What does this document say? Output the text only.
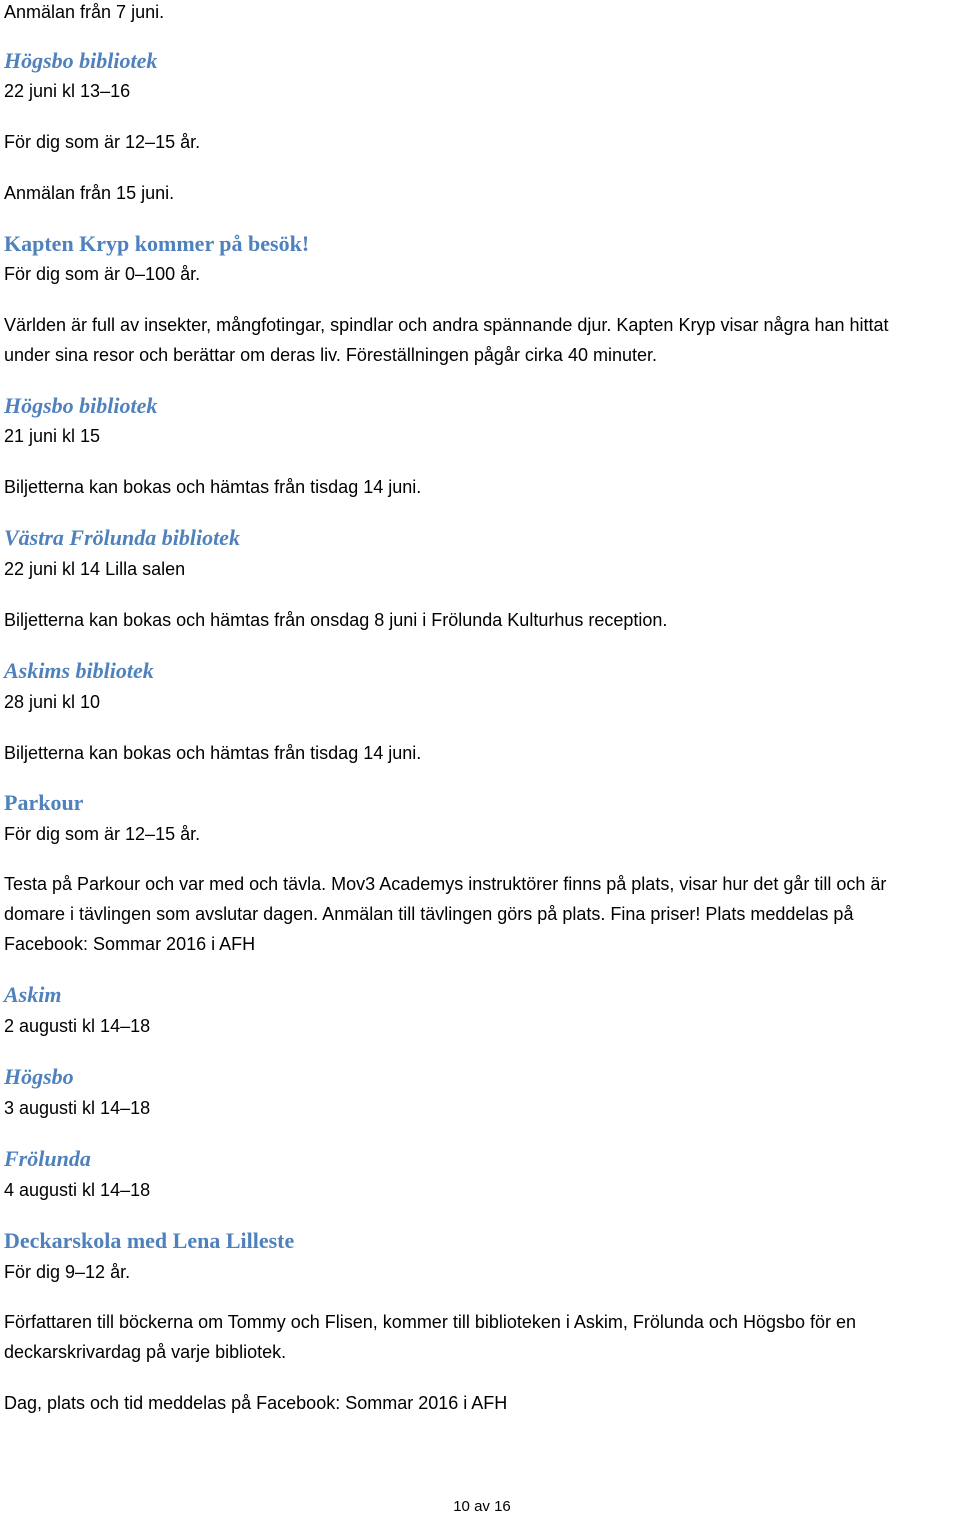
Anmälan från 7 juni.

Högsbo bibliotek

22 juni kl 13–16

För dig som är 12–15 år.

Anmälan från 15 juni.

Kapten Kryp kommer på besök!

För dig som är 0–100 år.

Världen är full av insekter, mångfotingar, spindlar och andra spännande djur. Kapten Kryp visar några han hittat

under sina resor och berättar om deras liv. Föreställningen pågår cirka 40 minuter.

Högsbo bibliotek

21 juni kl 15

Biljetterna kan bokas och hämtas från tisdag 14 juni.

Västra Frölunda bibliotek

22 juni kl 14 Lilla salen

Biljetterna kan bokas och hämtas från onsdag 8 juni i Frölunda Kulturhus reception.

Askims bibliotek

28 juni kl 10

Biljetterna kan bokas och hämtas från tisdag 14 juni.

Parkour

För dig som är 12–15 år.

Testa på Parkour och var med och tävla. Mov3 Academys instruktörer finns på plats, visar hur det går till och är

domare i tävlingen som avslutar dagen. Anmälan till tävlingen görs på plats. Fina priser! Plats meddelas på

Facebook: Sommar 2016 i AFH

Askim

2 augusti kl 14–18

Högsbo

3 augusti kl 14–18

Frölunda

4 augusti kl 14–18

Deckarskola med Lena Lilleste

För dig 9–12 år.

Författaren till böckerna om Tommy och Flisen, kommer till biblioteken i Askim, Frölunda och Högsbo för en

deckarskrivardag på varje bibliotek.

Dag, plats och tid meddelas på Facebook: Sommar 2016 i AFH

10 av 16
